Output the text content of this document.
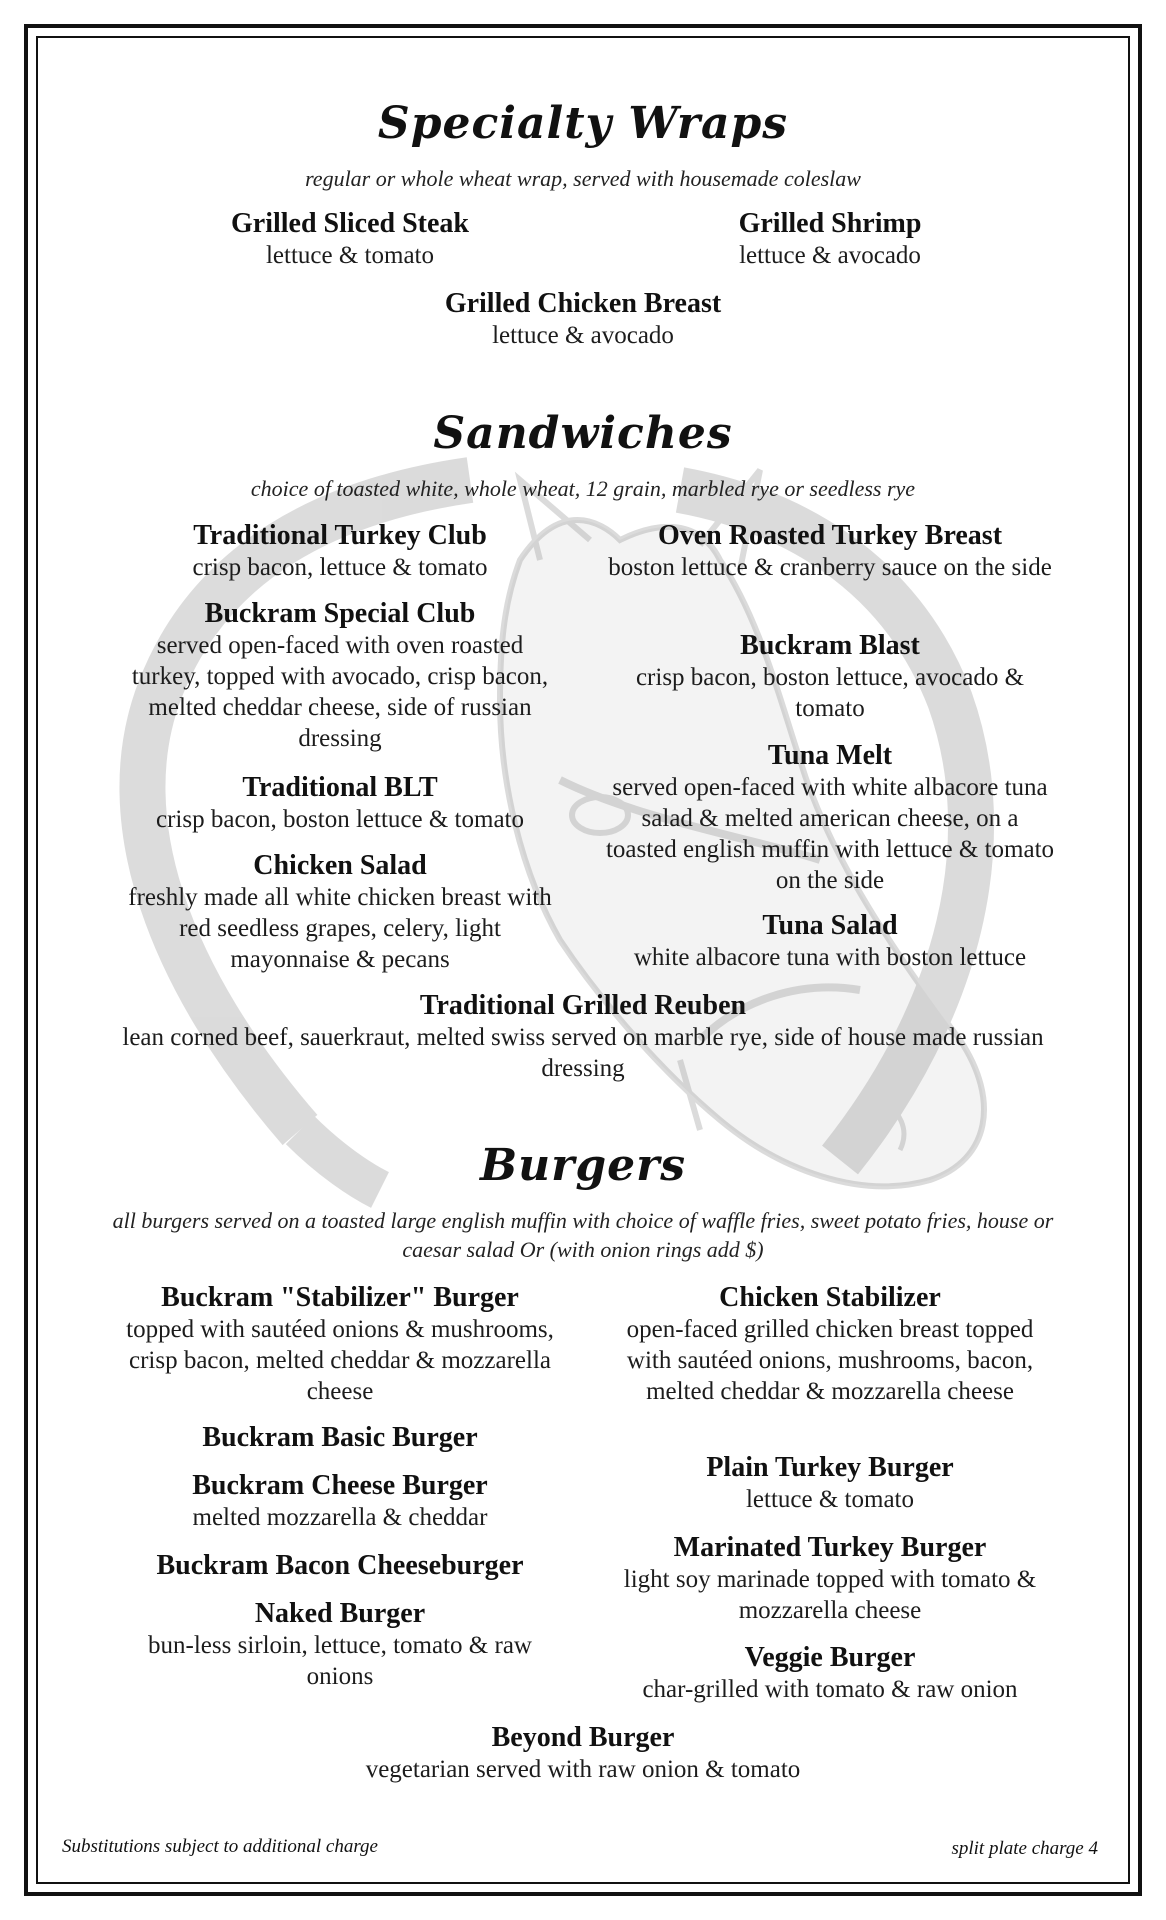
Specialty Wraps
regular or whole wheat wrap, served with housemade coleslaw
Grilled Sliced Steak
lettuce & tomato
Grilled Shrimp
lettuce & avocado
Grilled Chicken Breast
lettuce & avocado
Sandwiches
choice of toasted white, whole wheat, 12 grain, marbled rye or seedless rye
Traditional Turkey Club
crisp bacon, lettuce & tomato
Oven Roasted Turkey Breast
boston lettuce & cranberry sauce on the side
Buckram Special Club
served open-faced with oven roasted turkey, topped with avocado, crisp bacon, melted cheddar cheese, side of russian dressing
Buckram Blast
crisp bacon, boston lettuce, avocado & tomato
Tuna Melt
served open-faced with white albacore tuna salad & melted american cheese, on a toasted english muffin with lettuce & tomato on the side
Traditional BLT
crisp bacon, boston lettuce & tomato
Chicken Salad
freshly made all white chicken breast with red seedless grapes, celery, light mayonnaise & pecans
Tuna Salad
white albacore tuna with boston lettuce
Traditional Grilled Reuben
lean corned beef, sauerkraut, melted swiss served on marble rye, side of house made russian dressing
Burgers
all burgers served on a toasted large english muffin with choice of waffle fries, sweet potato fries, house or caesar salad Or (with onion rings add $)
Buckram "Stabilizer" Burger
topped with sautéed onions & mushrooms, crisp bacon, melted cheddar & mozzarella cheese
Chicken Stabilizer
open-faced grilled chicken breast topped with sautéed onions, mushrooms, bacon, melted cheddar & mozzarella cheese
Buckram Basic Burger
Buckram Cheese Burger
melted mozzarella & cheddar
Plain Turkey Burger
lettuce & tomato
Marinated Turkey Burger
light soy marinade topped with tomato & mozzarella cheese
Buckram Bacon Cheeseburger
Naked Burger
bun-less sirloin, lettuce, tomato & raw onions
Veggie Burger
char-grilled with tomato & raw onion
Beyond Burger
vegetarian served with raw onion & tomato
Substitutions subject to additional charge	split plate charge 4
